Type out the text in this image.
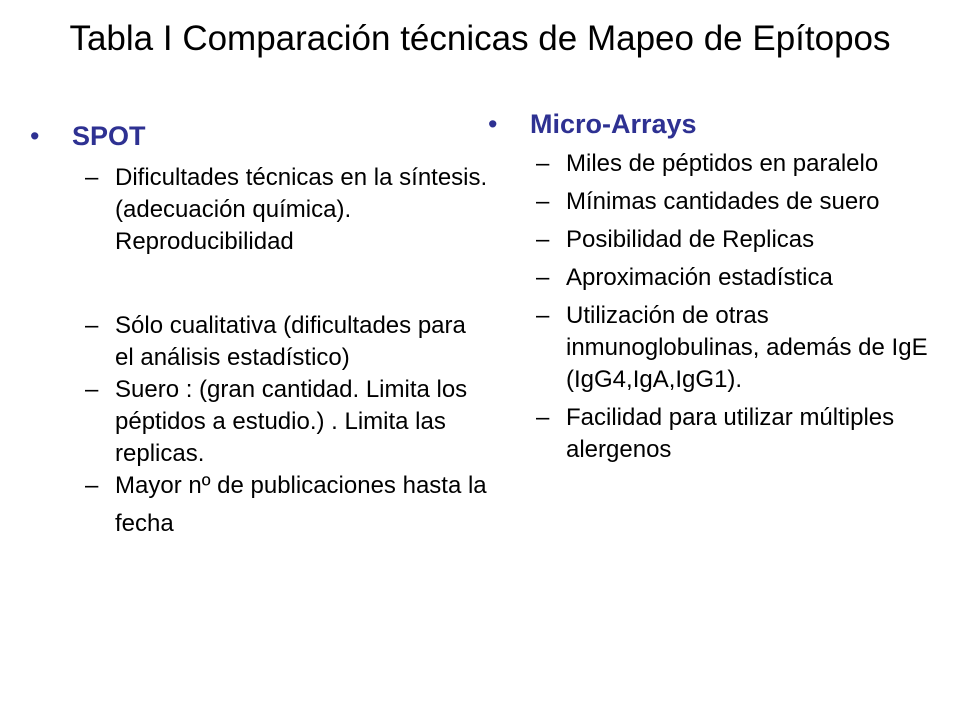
Tabla I Comparación técnicas de Mapeo de Epítopos
•	SPOT
– Dificultades técnicas en la síntesis. (adecuación química). Reproducibilidad
– Sólo cualitativa (dificultades para el análisis estadístico)
– Suero : (gran cantidad. Limita los péptidos a estudio.) . Limita las replicas.
– Mayor nº de publicaciones hasta la fecha
•	Micro-Arrays
– Miles de péptidos en paralelo
– Mínimas cantidades de suero
– Posibilidad de Replicas
– Aproximación estadística
– Utilización de otras inmunoglobulinas, además de IgE (IgG4,IgA,IgG1).
– Facilidad para utilizar múltiples alergenos
